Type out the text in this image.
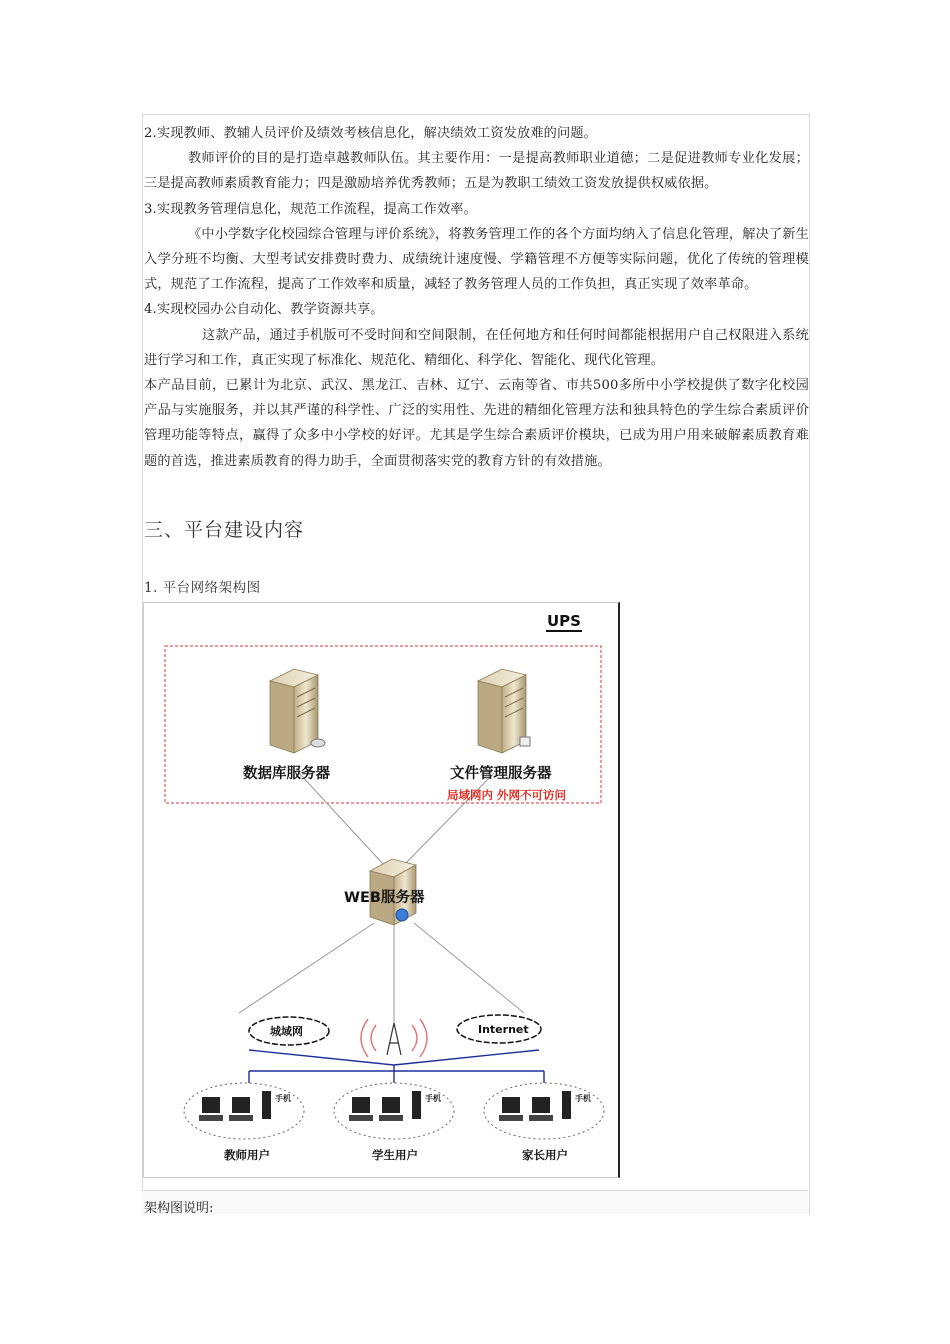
2.实现教师、教辅人员评价及绩效考核信息化，解决绩效工资发放难的问题。

教师评价的目的是打造卓越教师队伍。其主要作用：一是提高教师职业道德；二是促进教师专业化发展；三是提高教师素质教育能力；四是激励培养优秀教师；五是为教职工绩效工资发放提供权威依据。

3.实现教务管理信息化，规范工作流程，提高工作效率。

《中小学数字化校园综合管理与评价系统》，将教务管理工作的各个方面均纳入了信息化管理，解决了新生入学分班不均衡、大型考试安排费时费力、成绩统计速度慢、学籍管理不方便等实际问题，优化了传统的管理模式，规范了工作流程，提高了工作效率和质量，减轻了教务管理人员的工作负担，真正实现了效率革命。

4.实现校园办公自动化、教学资源共享。

这款产品，通过手机版可不受时间和空间限制，在任何地方和任何时间都能根据用户自己权限进入系统进行学习和工作，真正实现了标准化、规范化、精细化、科学化、智能化、现代化管理。

本产品目前，已累计为北京、武汉、黑龙江、吉林、辽宁、云南等省、市共500多所中小学校提供了数字化校园产品与实施服务，并以其严谨的科学性、广泛的实用性、先进的精细化管理方法和独具特色的学生综合素质评价管理功能等特点，赢得了众多中小学校的好评。尤其是学生综合素质评价模块，已成为用户用来破解素质教育难题的首选，推进素质教育的得力助手，全面贯彻落实党的教育方针的有效措施。

三、平台建设内容
1. 平台网络架构图
UPS
数据库服务器	文件管理服务器
局域网内 外网不可访问
WEB服务器
城域网	Internet
手机
教师用户
手机
学生用户
手机
家长用户
架构图说明:
